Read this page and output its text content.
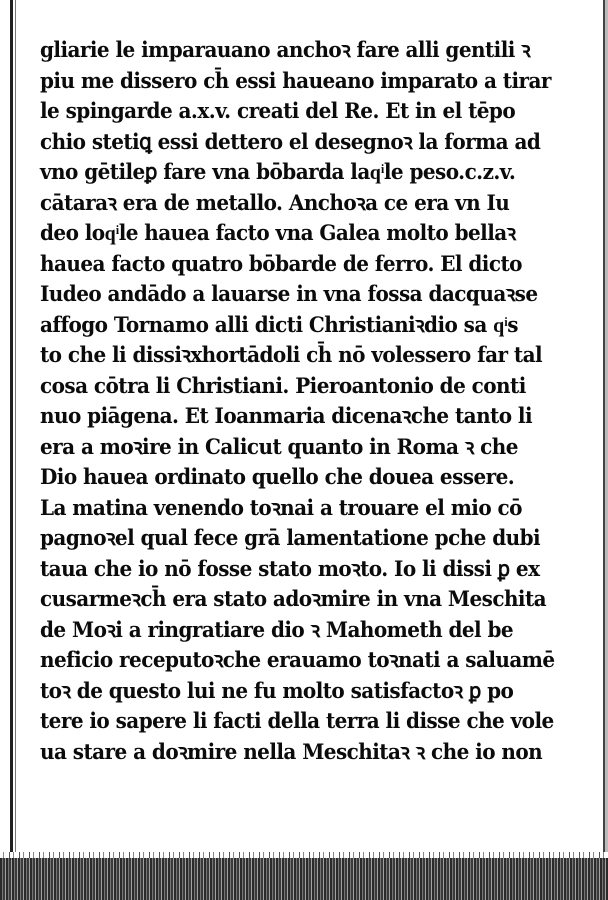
gliarie le imparauano anchoꝛ fare alli gentili ꝛ
piu me dissero ch̄ essi haueano imparato a tirar
le spingarde a.x.v. creati del Re. Et in el tēpo
chio stetiꝗ essi dettero el desegnoꝛ la forma ad
vno gētileꝑ fare vna bōbarda laqͥle peso.c.z.v.
cātaraꝛ era de metallo. Anchoꝛa ce era vn Iu
deo loqͥle hauea facto vna Galea molto bellaꝛ
hauea facto quatro bōbarde de ferro. El dicto
Iudeo andādo a lauarse in vna fossa dacquaꝛse
affogo Tornamo alli dicti Christianiꝛdio sa qͥs
to che li dissiꝛxhortādoli ch̄ nō volessero far tal
cosa cōtra li Christiani. Pieroantonio de conti
nuo piāgena. Et Ioanmaria dicenaꝛche tanto li
era a moꝛire in Calicut quanto in Roma ꝛ che
Dio hauea ordinato quello che douea essere.
La matina venendo toꝛnai a trouare el mio cō
pagnoꝛel qual fece grā lamentatione pche dubi
taua che io nō fosse stato moꝛto. Io li dissi ꝑ ex
cusarmeꝛch̄ era stato adoꝛmire in vna Meschita
de Moꝛi a ringratiare dio ꝛ Mahometh del be
neficio receputoꝛche erauamo toꝛnati a saluamē
toꝛ de questo lui ne fu molto satisfactoꝛ ꝑ po
tere io sapere li facti della terra li disse che vole
ua stare a doꝛmire nella Meschitaꝛ ꝛ che io non
